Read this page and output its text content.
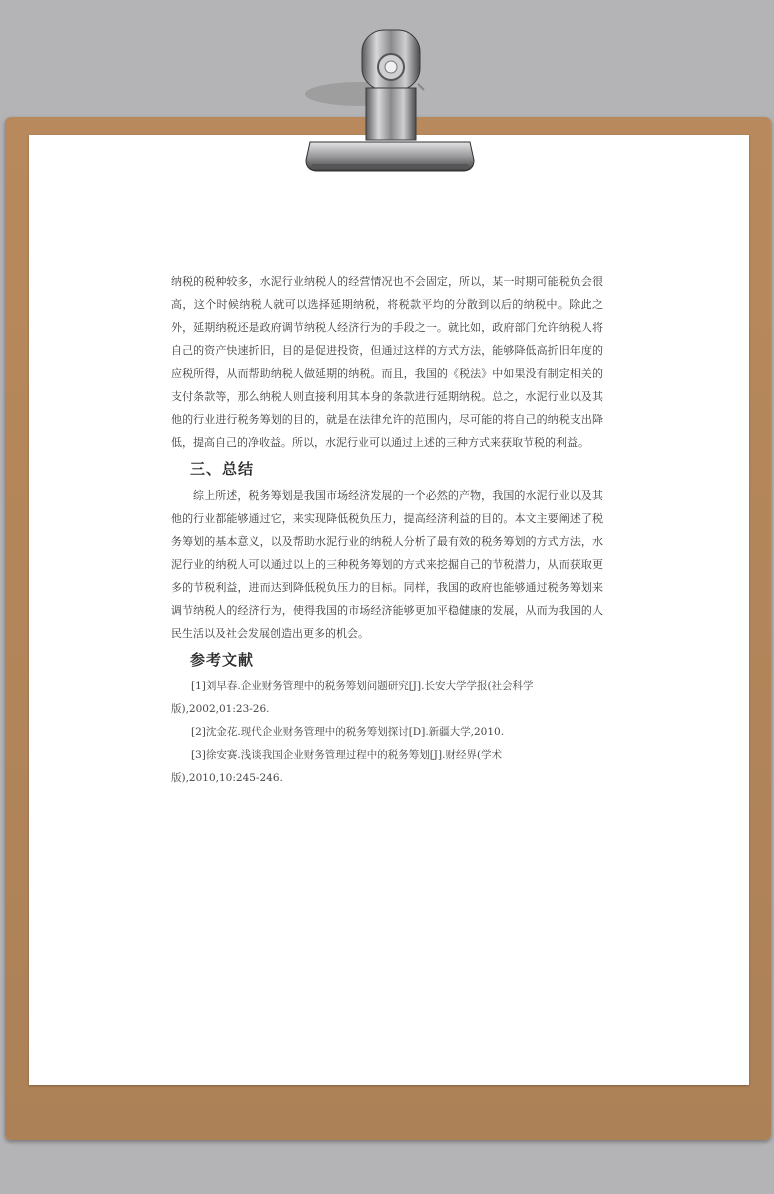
纳税的税种较多，水泥行业纳税人的经营情况也不会固定，所以，某一时期可能税负会很高，这个时候纳税人就可以选择延期纳税，将税款平均的分散到以后的纳税中。除此之外，延期纳税还是政府调节纳税人经济行为的手段之一。就比如，政府部门允许纳税人将自己的资产快速折旧，目的是促进投资，但通过这样的方式方法，能够降低高折旧年度的应税所得，从而帮助纳税人做延期的纳税。而且，我国的《税法》中如果没有制定相关的支付条款等，那么纳税人则直接利用其本身的条款进行延期纳税。总之，水泥行业以及其他的行业进行税务筹划的目的，就是在法律允许的范围内，尽可能的将自己的纳税支出降低，提高自己的净收益。所以，水泥行业可以通过上述的三种方式来获取节税的利益。

三、总结

综上所述，税务筹划是我国市场经济发展的一个必然的产物，我国的水泥行业以及其他的行业都能够通过它，来实现降低税负压力，提高经济利益的目的。本文主要阐述了税务筹划的基本意义，以及帮助水泥行业的纳税人分析了最有效的税务筹划的方式方法，水泥行业的纳税人可以通过以上的三种税务筹划的方式来挖掘自己的节税潜力，从而获取更多的节税利益，进而达到降低税负压力的目标。同样，我国的政府也能够通过税务筹划来调节纳税人的经济行为，使得我国的市场经济能够更加平稳健康的发展，从而为我国的人民生活以及社会发展创造出更多的机会。

参考文献

[1]刘早春.企业财务管理中的税务筹划问题研究[J].长安大学学报(社会科学

版),2002,01:23-26.

[2]沈金花.现代企业财务管理中的税务筹划探讨[D].新疆大学,2010.

[3]徐安赛.浅谈我国企业财务管理过程中的税务筹划[J].财经界(学术

版),2010,10:245-246.
